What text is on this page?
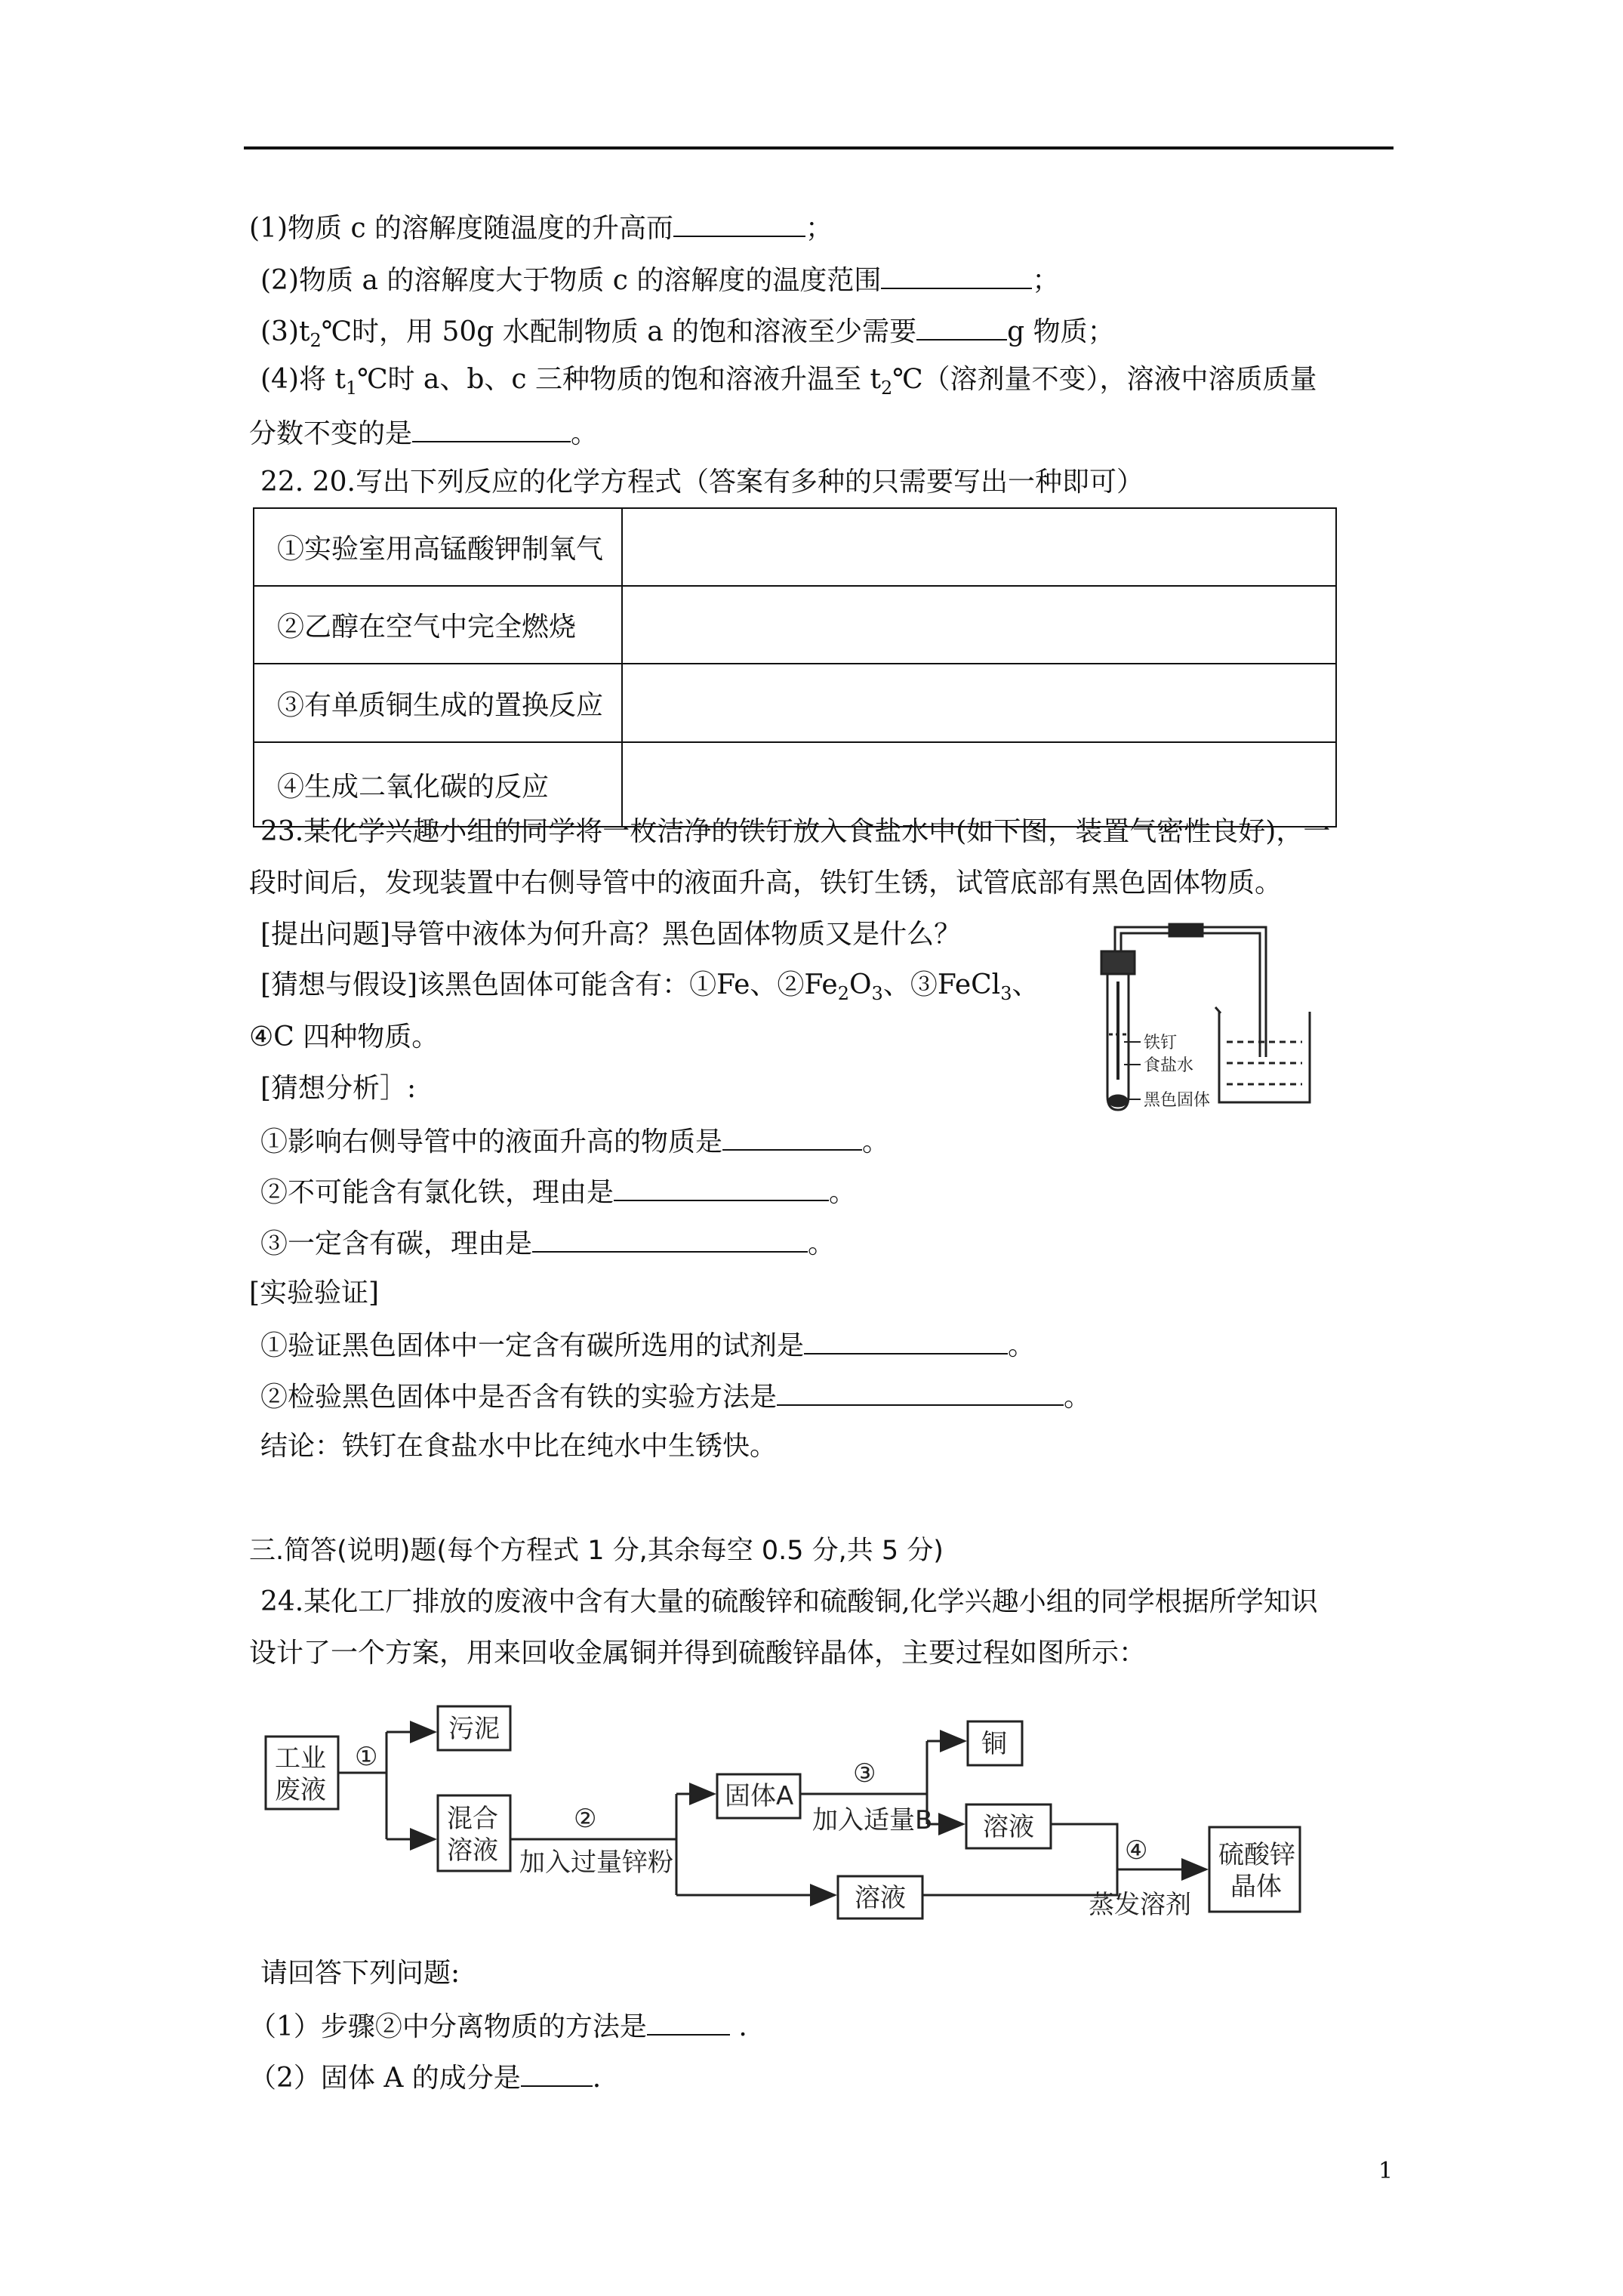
(1)物质 c 的溶解度随温度的升高而	；
(2)物质 a 的溶解度大于物质 c 的溶解度的温度范围	；
$(3)t_2℃$时，用 50g 水配制物质 a 的饱和溶液至少需要	g 物质；
(4)将 $t_1℃$时 a、b、c 三种物质的饱和溶液升温至 $t_2℃$（溶剂量不变），溶液中溶质质量
分数不变的是	。
22. 20.写出下列反应的化学方程式（答案有多种的只需要写出一种即可）
①实验室用高锰酸钾制氧气	
②乙醇在空气中完全燃烧	
③有单质铜生成的置换反应	
④生成二氧化碳的反应	
23.某化学兴趣小组的同学将一枚洁净的铁钉放入食盐水中(如下图，装置气密性良好)，一
段时间后，发现装置中右侧导管中的液面升高，铁钉生锈，试管底部有黑色固体物质。
[提出问题]导管中液体为何升高？黑色固体物质又是什么？
[猜想与假设]该黑色固体可能含有：①Fe、$②Fe_2O_3$、③FeCl$_3$、
④C 四种物质。
[猜想分析］:
①影响右侧导管中的液面升高的物质是	。
②不可能含有氯化铁，理由是	。
③一定含有碳，理由是	。
[实验验证]
①验证黑色固体中一定含有碳所选用的试剂是	。
②检验黑色固体中是否含有铁的实验方法是	。
结论：铁钉在食盐水中比在纯水中生锈快。
铁钉
食盐水
黑色固体
三.简答(说明)题(每个方程式 1 分,其余每空 0.5 分,共 5 分)
24.某化工厂排放的废液中含有大量的硫酸锌和硫酸铜,化学兴趣小组的同学根据所学知识
设计了一个方案，用来回收金属铜并得到硫酸锌晶体，主要过程如图所示：
工业
废液
污泥
混合
溶液
固体A
铜
溶液
溶液
硫酸锌
晶体
①
②
③
④
加入过量锌粉
加入适量B
蒸发溶剂
请回答下列问题:
（1）步骤②中分离物质的方法是	.
（2）固体 A 的成分是	.
1
